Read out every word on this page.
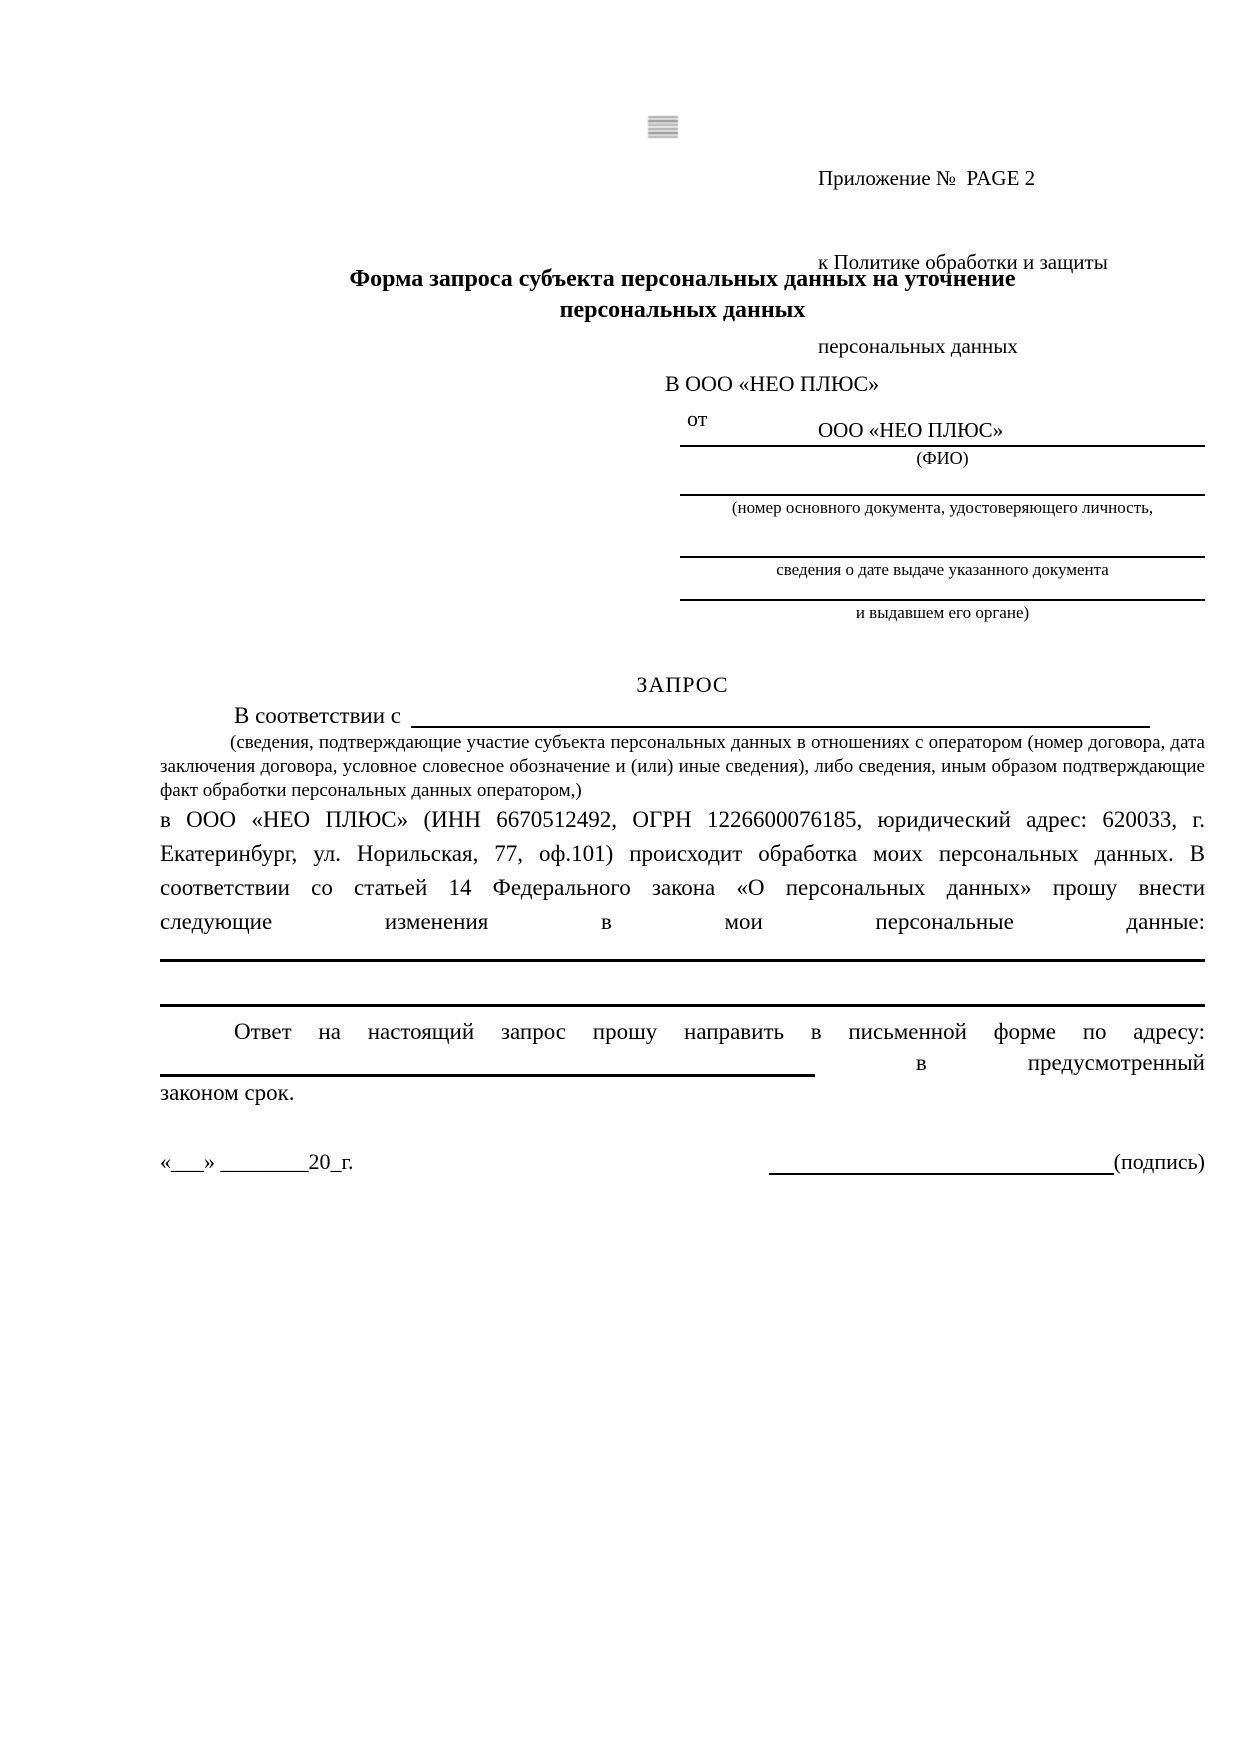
Приложение №  PAGE 2

к Политике обработки и защиты

персональных данных

ООО «НЕО ПЛЮС»

Форма запроса субъекта персональных данных на уточнение
персональных данных
В ООО «НЕО ПЛЮС»
от
(ФИО)
(номер основного документа, удостоверяющего личность,
сведения о дате выдаче указанного документа
и выдавшем его органе)
ЗАПРОС
В соответствии с
(сведения, подтверждающие участие субъекта персональных данных в отношениях с оператором (номер договора, дата заключения договора, условное словесное обозначение и (или) иные сведения), либо сведения, иным образом подтверждающие факт обработки персональных данных оператором,)
в ООО «НЕО ПЛЮС» (ИНН 6670512492, ОГРН 1226600076185, юридический адрес: 620033, г. Екатеринбург, ул. Норильская, 77, оф.101) происходит обработка моих персональных данных. В соответствии со статьей 14 Федерального закона «О персональных данных» прошу внести следующие изменения в мои персональные данные:
Ответ на настоящий запрос прошу направить в письменной форме по адресу:
в	предусмотренный
законом срок.
«___» ________20_г.	(подпись)
